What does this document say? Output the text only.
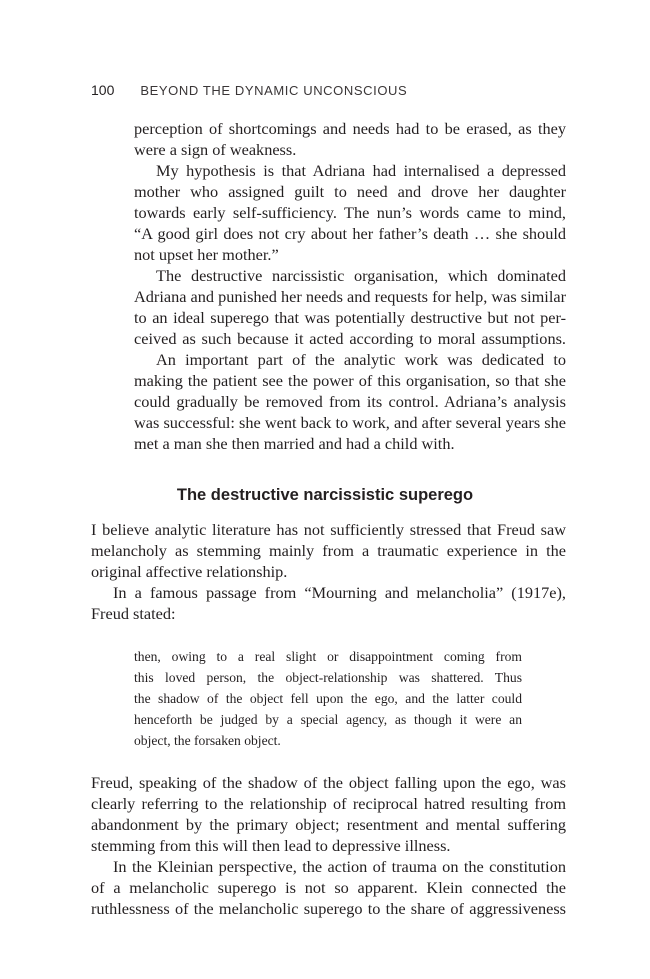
100 BEYOND THE DYNAMIC UNCONSCIOUS
perception of shortcomings and needs had to be erased, as they
were a sign of weakness.
My hypothesis is that Adriana had internalised a depressed
mother who assigned guilt to need and drove her daughter
towards early self-sufficiency. The nun’s words came to mind,
“A good girl does not cry about her father’s death … she should
not upset her mother.”
The destructive narcissistic organisation, which dominated
Adriana and punished her needs and requests for help, was similar
to an ideal superego that was potentially destructive but not per-
ceived as such because it acted according to moral assumptions.
An important part of the analytic work was dedicated to
making the patient see the power of this organisation, so that she
could gradually be removed from its control. Adriana’s analysis
was successful: she went back to work, and after several years she
met a man she then married and had a child with.
The destructive narcissistic superego
I believe analytic literature has not sufficiently stressed that Freud saw
melancholy as stemming mainly from a traumatic experience in the
original affective relationship.
In a famous passage from “Mourning and melancholia” (1917e),
Freud stated:
then, owing to a real slight or disappointment coming from
this loved person, the object-relationship was shattered. Thus
the shadow of the object fell upon the ego, and the latter could
henceforth be judged by a special agency, as though it were an
object, the forsaken object.
Freud, speaking of the shadow of the object falling upon the ego, was
clearly referring to the relationship of reciprocal hatred resulting from
abandonment by the primary object; resentment and mental suffering
stemming from this will then lead to depressive illness.
In the Kleinian perspective, the action of trauma on the constitution
of a melancholic superego is not so apparent. Klein connected the
ruthlessness of the melancholic superego to the share of aggressiveness
